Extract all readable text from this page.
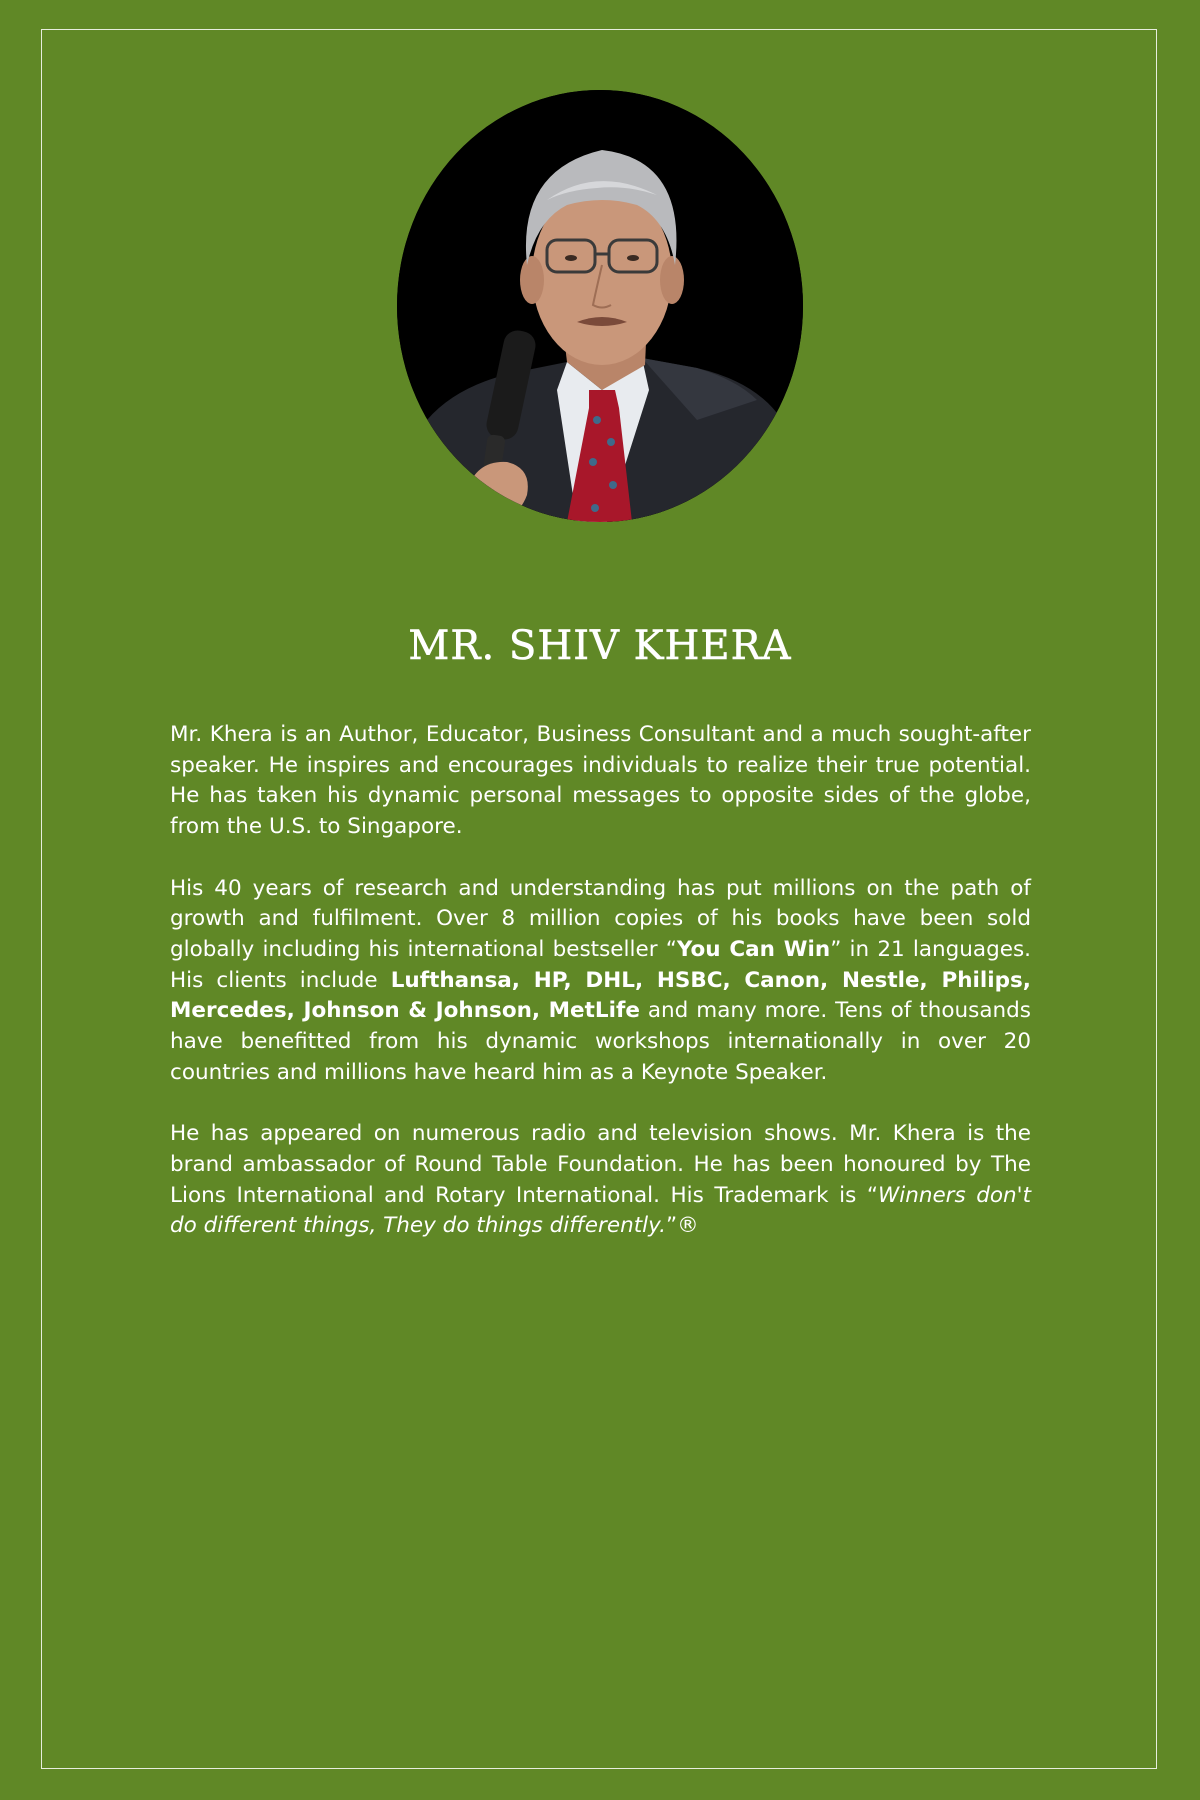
MR. SHIV KHERA

Mr. Khera is an Author, Educator, Business Consultant and a much sought-after speaker. He inspires and encourages individuals to realize their true potential. He has taken his dynamic personal messages to opposite sides of the globe, from the U.S. to Singapore.

His 40 years of research and understanding has put millions on the path of growth and fulfilment. Over 8 million copies of his books have been sold globally including his international bestseller “You Can Win” in 21 languages. His clients include Lufthansa, HP, DHL, HSBC, Canon, Nestle, Philips, Mercedes, Johnson & Johnson, MetLife and many more. Tens of thousands have benefitted from his dynamic workshops internationally in over 20 countries and millions have heard him as a Keynote Speaker.

He has appeared on numerous radio and television shows. Mr. Khera is the brand ambassador of Round Table Foundation. He has been honoured by The Lions International and Rotary International. His Trademark is “Winners don't do different things, They do things differently.”®
